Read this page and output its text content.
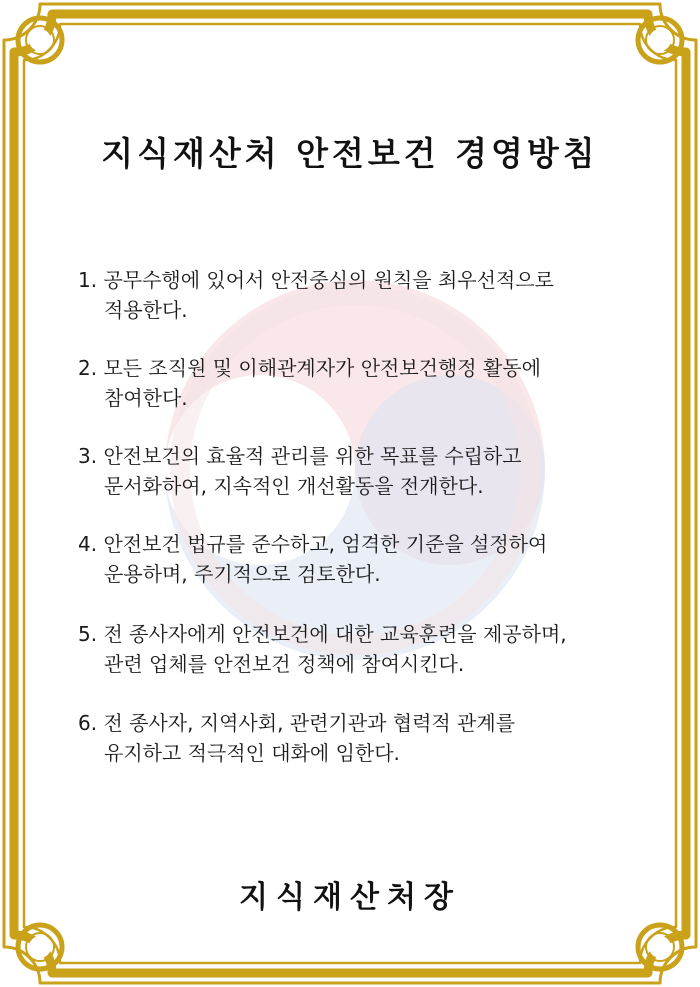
지식재산처 안전보건 경영방침
1. 공무수행에 있어서 안전중심의 원칙을 최우선적으로
적용한다.
2. 모든 조직원 및 이해관계자가 안전보건행정 활동에
참여한다.
3. 안전보건의 효율적 관리를 위한 목표를 수립하고
문서화하여, 지속적인 개선활동을 전개한다.
4. 안전보건 법규를 준수하고, 엄격한 기준을 설정하여
운용하며, 주기적으로 검토한다.
5. 전 종사자에게 안전보건에 대한 교육훈련을 제공하며,
관련 업체를 안전보건 정책에 참여시킨다.
6. 전 종사자, 지역사회, 관련기관과 협력적 관계를
유지하고 적극적인 대화에 임한다.
지식재산처장
